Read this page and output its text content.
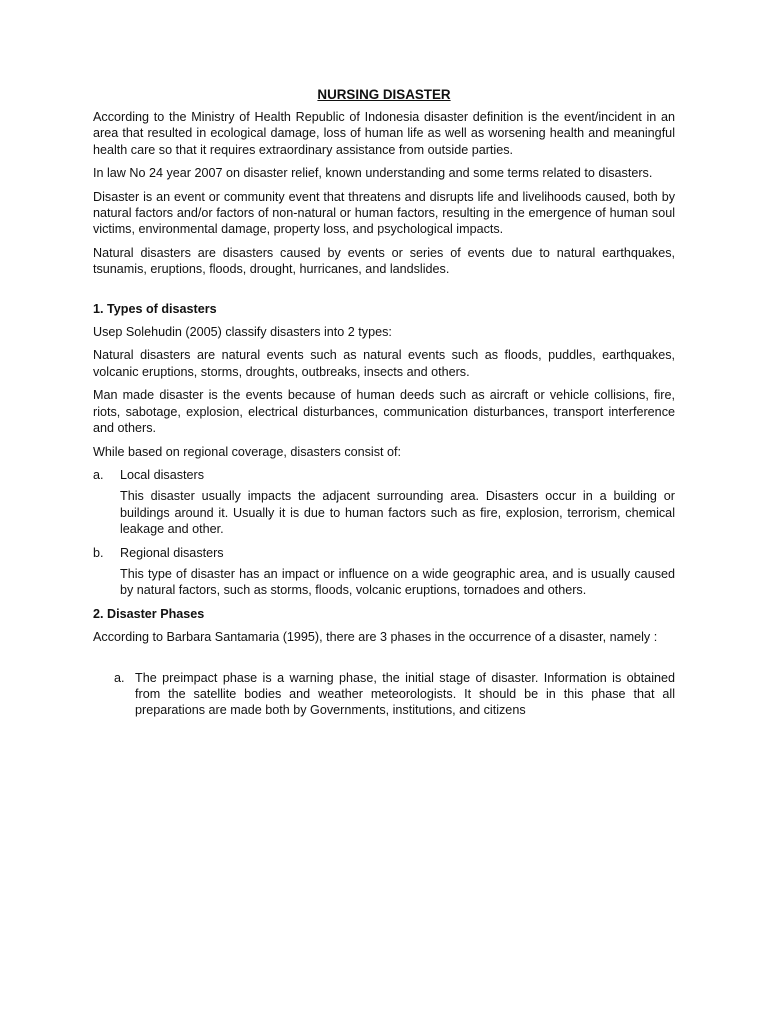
NURSING DISASTER

According to the Ministry of Health Republic of Indonesia disaster definition is the event/incident in an area that resulted in ecological damage, loss of human life as well as worsening health and meaningful health care so that it requires extraordinary assistance from outside parties.

In law No 24 year 2007 on disaster relief, known understanding and some terms related to disasters.

Disaster is an event or community event that threatens and disrupts life and livelihoods caused, both by natural factors and/or factors of non-natural or human factors, resulting in the emergence of human soul victims, environmental damage, property loss, and psychological impacts.

Natural disasters are disasters caused by events or series of events due to natural earthquakes, tsunamis, eruptions, floods, drought, hurricanes, and landslides.

1. Types of disasters

Usep Solehudin (2005) classify disasters into 2 types:

Natural disasters are natural events such as natural events such as floods, puddles, earthquakes, volcanic eruptions, storms, droughts, outbreaks, insects and others.

Man made disaster is the events because of human deeds such as aircraft or vehicle collisions, fire, riots, sabotage, explosion, electrical disturbances, communication disturbances, transport interference and others.

While based on regional coverage, disasters consist of:

a.	Local disasters

This disaster usually impacts the adjacent surrounding area. Disasters occur in a building or buildings around it. Usually it is due to human factors such as fire, explosion, terrorism, chemical leakage and other.

b.	Regional disasters

This type of disaster has an impact or influence on a wide geographic area, and is usually caused by natural factors, such as storms, floods, volcanic eruptions, tornadoes and others.

2. Disaster Phases

According to Barbara Santamaria (1995), there are 3 phases in the occurrence of a disaster, namely :

a. The preimpact phase is a warning phase, the initial stage of disaster. Information is obtained from the satellite bodies and weather meteorologists. It should be in this phase that all preparations are made both by Governments, institutions, and citizens
